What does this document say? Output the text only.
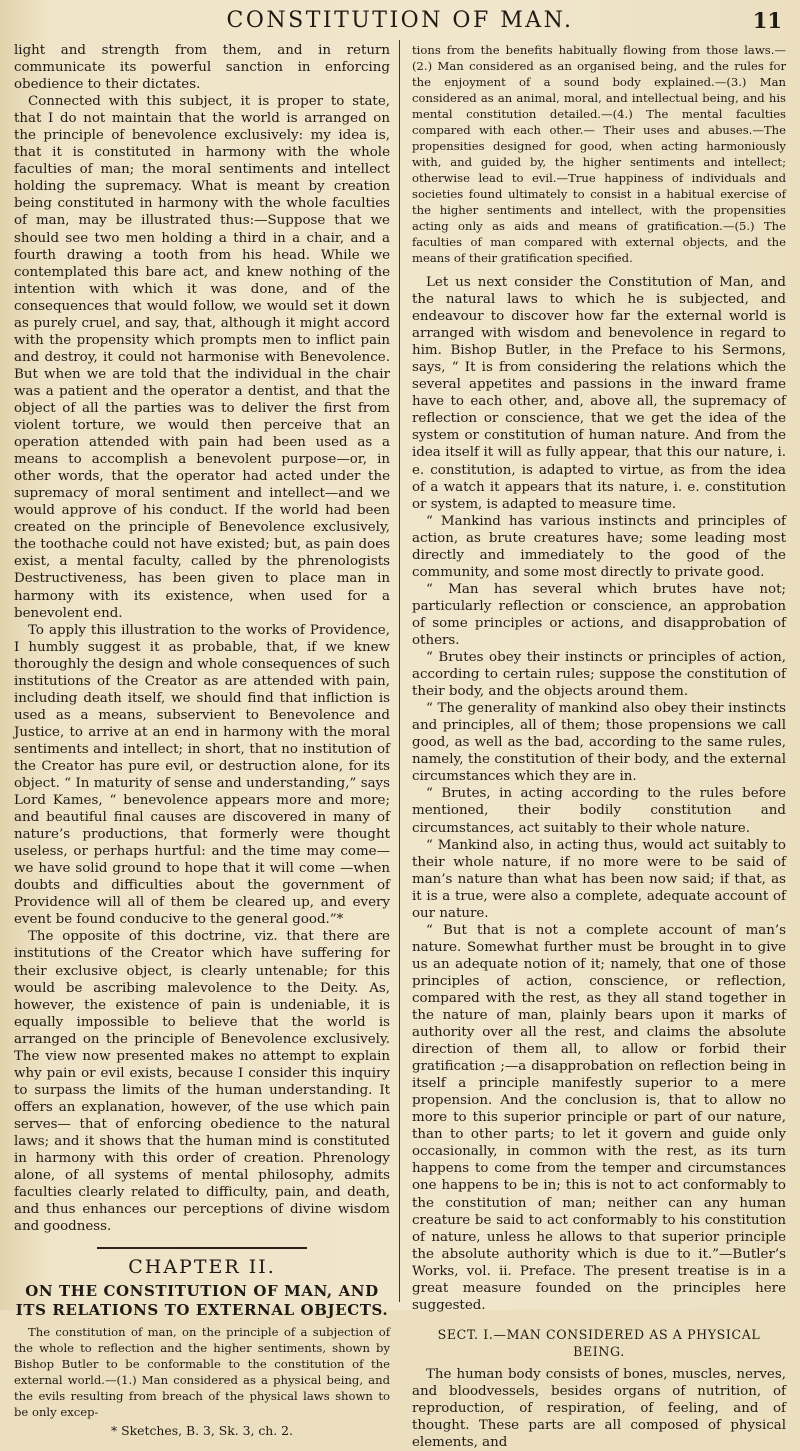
CONSTITUTION OF MAN.	11

light and strength from them, and in return communicate its powerful sanction in enforcing obedience to their dictates.

Connected with this subject, it is proper to state, that I do not maintain that the world is arranged on the principle of benevolence exclusively: my idea is, that it is constituted in harmony with the whole faculties of man; the moral sentiments and intellect holding the supremacy. What is meant by creation being constituted in harmony with the whole faculties of man, may be illustrated thus:—Suppose that we should see two men holding a third in a chair, and a fourth drawing a tooth from his head. While we contemplated this bare act, and knew nothing of the intention with which it was done, and of the consequences that would follow, we would set it down as purely cruel, and say, that, although it might accord with the propensity which prompts men to inflict pain and destroy, it could not harmonise with Benevolence. But when we are told that the individual in the chair was a patient and the operator a dentist, and that the object of all the parties was to deliver the first from violent torture, we would then perceive that an operation attended with pain had been used as a means to accomplish a benevolent purpose—or, in other words, that the operator had acted under the supremacy of moral sentiment and intellect—and we would approve of his conduct. If the world had been created on the principle of Benevolence exclusively, the toothache could not have existed; but, as pain does exist, a mental faculty, called by the phrenologists Destructiveness, has been given to place man in harmony with its existence, when used for a benevolent end.

To apply this illustration to the works of Providence, I humbly suggest it as probable, that, if we knew thoroughly the design and whole consequences of such institutions of the Creator as are attended with pain, including death itself, we should find that infliction is used as a means, subservient to Benevolence and Justice, to arrive at an end in harmony with the moral sentiments and intellect; in short, that no institution of the Creator has pure evil, or destruction alone, for its object. “ In maturity of sense and understanding,” says Lord Kames, “ benevolence appears more and more; and beautiful final causes are discovered in many of nature’s productions, that formerly were thought useless, or perhaps hurtful: and the time may come—we have solid ground to hope that it will come —when doubts and difficulties about the government of Providence will all of them be cleared up, and every event be found conducive to the general good.”*

The opposite of this doctrine, viz. that there are institutions of the Creator which have suffering for their exclusive object, is clearly untenable; for this would be ascribing malevolence to the Deity. As, however, the existence of pain is undeniable, it is equally impossible to believe that the world is arranged on the principle of Benevolence exclusively. The view now presented makes no attempt to explain why pain or evil exists, because I consider this inquiry to surpass the limits of the human understanding. It offers an explanation, however, of the use which pain serves— that of enforcing obedience to the natural laws; and it shows that the human mind is constituted in harmony with this order of creation. Phrenology alone, of all systems of mental philosophy, admits faculties clearly related to difficulty, pain, and death, and thus enhances our perceptions of divine wisdom and goodness.

CHAPTER II.
ON THE CONSTITUTION OF MAN, AND ITS RELATIONS TO EXTERNAL OBJECTS.

The constitution of man, on the principle of a subjection of the whole to reflection and the higher sentiments, shown by Bishop Butler to be conformable to the constitution of the external world.—(1.) Man considered as a physical being, and the evils resulting from breach of the physical laws shown to be only excep-

* Sketches, B. 3, Sk. 3, ch. 2.

tions from the benefits habitually flowing from those laws.—(2.) Man considered as an organised being, and the rules for the enjoyment of a sound body explained.—(3.) Man considered as an animal, moral, and intellectual being, and his mental constitution detailed.—(4.) The mental faculties compared with each other.— Their uses and abuses.—The propensities designed for good, when acting harmoniously with, and guided by, the higher sentiments and intellect; otherwise lead to evil.—True happiness of individuals and societies found ultimately to consist in a habitual exercise of the higher sentiments and intellect, with the propensities acting only as aids and means of gratification.—(5.) The faculties of man compared with external objects, and the means of their gratification specified.

Let us next consider the Constitution of Man, and the natural laws to which he is subjected, and endeavour to discover how far the external world is arranged with wisdom and benevolence in regard to him. Bishop Butler, in the Preface to his Sermons, says, “ It is from considering the relations which the several appetites and passions in the inward frame have to each other, and, above all, the supremacy of reflection or conscience, that we get the idea of the system or constitution of human nature. And from the idea itself it will as fully appear, that this our nature, i. e. constitution, is adapted to virtue, as from the idea of a watch it appears that its nature, i. e. constitution or system, is adapted to measure time.

“ Mankind has various instincts and principles of action, as brute creatures have; some leading most directly and immediately to the good of the community, and some most directly to private good.

“ Man has several which brutes have not; particularly reflection or conscience, an approbation of some principles or actions, and disapprobation of others.

“ Brutes obey their instincts or principles of action, according to certain rules; suppose the constitution of their body, and the objects around them.

“ The generality of mankind also obey their instincts and principles, all of them; those propensions we call good, as well as the bad, according to the same rules, namely, the constitution of their body, and the external circumstances which they are in.

“ Brutes, in acting according to the rules before mentioned, their bodily constitution and circumstances, act suitably to their whole nature.

“ Mankind also, in acting thus, would act suitably to their whole nature, if no more were to be said of man’s nature than what has been now said; if that, as it is a true, were also a complete, adequate account of our nature.

“ But that is not a complete account of man’s nature. Somewhat further must be brought in to give us an adequate notion of it; namely, that one of those principles of action, conscience, or reflection, compared with the rest, as they all stand together in the nature of man, plainly bears upon it marks of authority over all the rest, and claims the absolute direction of them all, to allow or forbid their gratification ;—a disapprobation on reflection being in itself a principle manifestly superior to a mere propension. And the conclusion is, that to allow no more to this superior principle or part of our nature, than to other parts; to let it govern and guide only occasionally, in common with the rest, as its turn happens to come from the temper and circumstances one happens to be in; this is not to act conformably to the constitution of man; neither can any human creature be said to act conformably to his constitution of nature, unless he allows to that superior principle the absolute authority which is due to it.”—Butler’s Works, vol. ii. Preface. The present treatise is in a great measure founded on the principles here suggested.

SECT. I.—MAN CONSIDERED AS A PHYSICAL BEING.

The human body consists of bones, muscles, nerves, and bloodvessels, besides organs of nutrition, of reproduction, of respiration, of feeling, and of thought. These parts are all composed of physical elements, and
